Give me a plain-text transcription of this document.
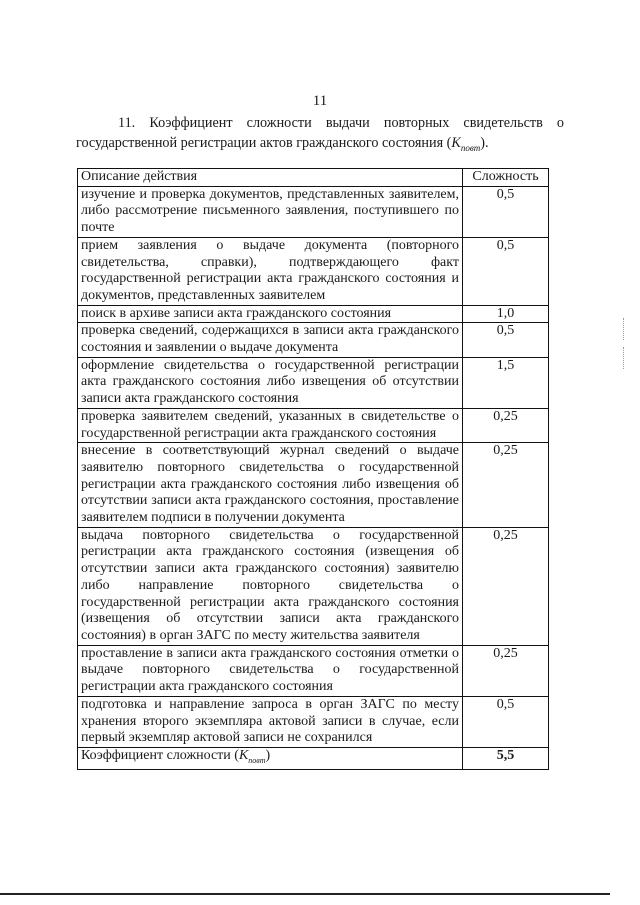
11
11. Коэффициент сложности выдачи повторных свидетельств о государственной регистрации актов гражданского состояния $(K_{повт})$.
Описание действия	Сложность
изучение и проверка документов, представленных заявителем, либо рассмотрение письменного заявления, поступившего по почте	0,5
прием заявления о выдаче документа (повторного свидетельства, справки), подтверждающего факт государственной регистрации акта гражданского состояния и документов, представленных заявителем	0,5
поиск в архиве записи акта гражданского состояния	1,0
проверка сведений, содержащихся в записи акта гражданского состояния и заявлении о выдаче документа	0,5
оформление свидетельства о государственной регистрации акта гражданского состояния либо извещения об отсутствии записи акта гражданского состояния	1,5
проверка заявителем сведений, указанных в свидетельстве о государственной регистрации акта гражданского состояния	0,25
внесение в соответствующий журнал сведений о выдаче заявителю повторного свидетельства о государственной регистрации акта гражданского состояния либо извещения об отсутствии записи акта гражданского состояния, проставление заявителем подписи в получении документа	0,25
выдача повторного свидетельства о государственной регистрации акта гражданского состояния (извещения об отсутствии записи акта гражданского состояния) заявителю либо направление повторного свидетельства о государственной регистрации акта гражданского состояния (извещения об отсутствии записи акта гражданского состояния) в орган ЗАГС по месту жительства заявителя	0,25
проставление в записи акта гражданского состояния отметки о выдаче повторного свидетельства о государственной регистрации акта гражданского состояния	0,25
подготовка и направление запроса в орган ЗАГС по месту хранения второго экземпляра актовой записи в случае, если первый экземпляр актовой записи не сохранился	0,5
Коэффициент сложности $(K_{повт})$	5,5
